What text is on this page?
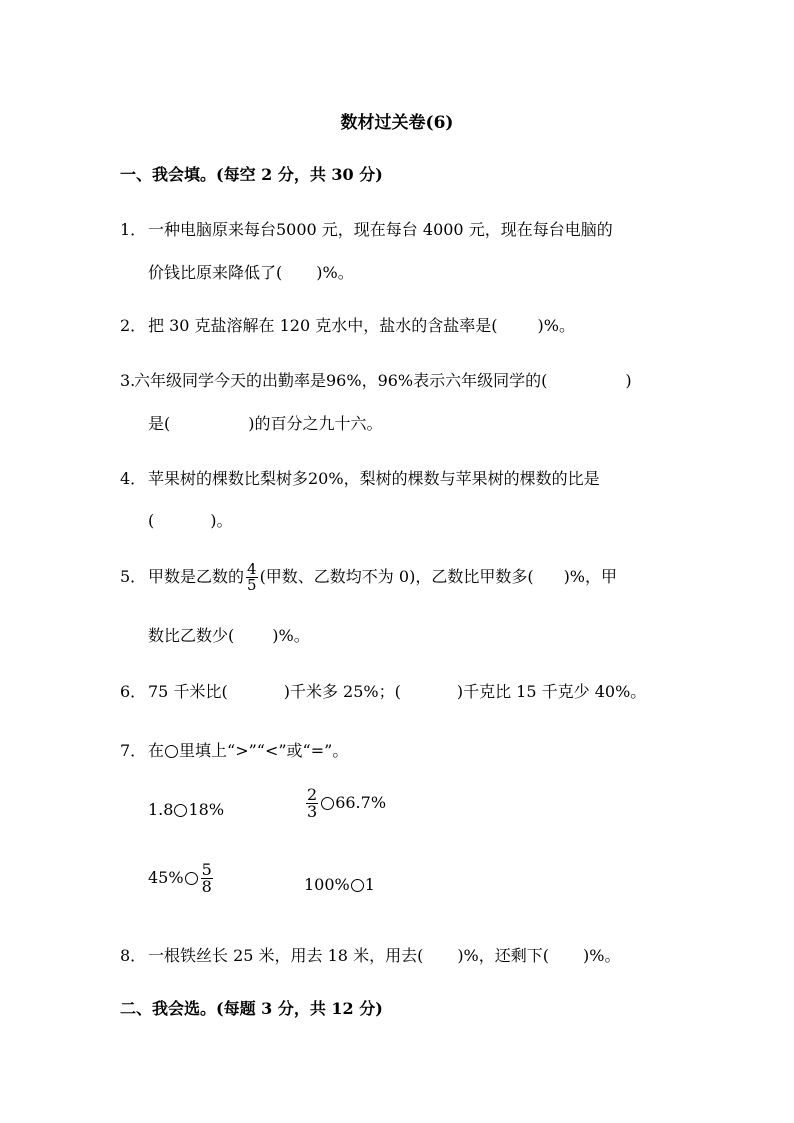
数材过关卷(6)
一、我会填。(每空 2 分，共 30 分)
1． 一种电脑原来每台5000 元，现在每台 4000 元，现在每台电脑的
价钱比原来降低了( )%。
2． 把 30 克盐溶解在 120 克水中，盐水的含盐率是(	)%。
3.六年级同学今天的出勤率是96%，96%表示六年级同学的(	)
是(	)的百分之九十六。
4． 苹果树的棵数比梨树多20%，梨树的棵数与苹果树的棵数的比是
(	)。
5． 甲数是乙数的 $\frac{4}{5}$ (甲数、乙数均不为 0)，乙数比甲数多( )%，甲
数比乙数少( )%。
6． 75 千米比(	)千米多 25%；(	)千克比 15 千克少 40%。
7． 在 里填上“>”“<”或“=”。
1.8 18%	$\frac{2}{3} 66.7\%$
$45\% \frac{5}{8}$	100% 1
8． 一根铁丝长 25 米，用去 18 米，用去( )%，还剩下( )%。
二、我会选。(每题 3 分，共 12 分)
